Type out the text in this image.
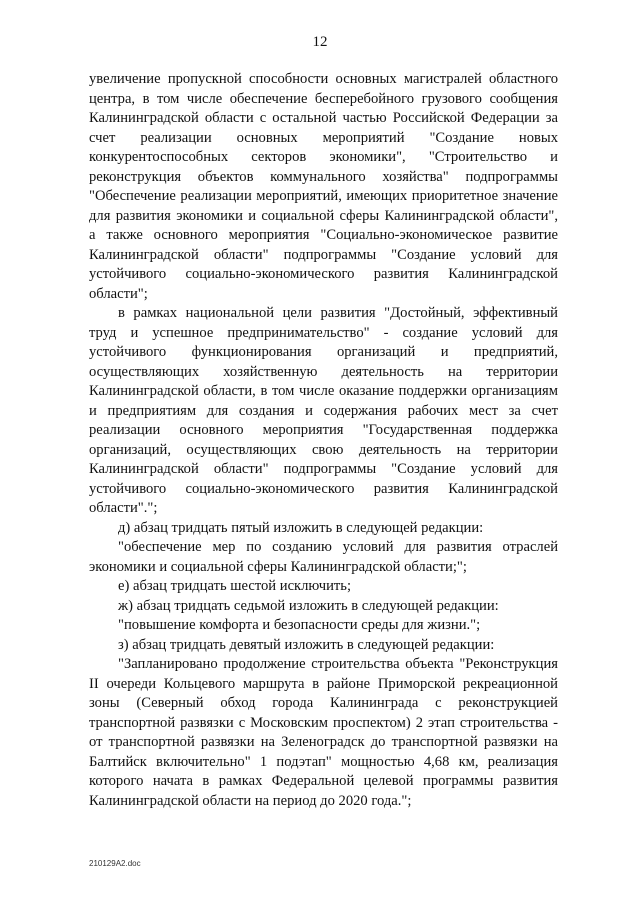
12
увеличение пропускной способности основных магистралей областного
центра, в том числе обеспечение бесперебойного грузового сообщения
Калининградской области с остальной частью Российской Федерации за
счет реализации основных мероприятий "Создание новых
конкурентоспособных секторов экономики", "Строительство и
реконструкция объектов коммунального хозяйства" подпрограммы
"Обеспечение реализации мероприятий, имеющих приоритетное значение
для развития экономики и социальной сферы Калининградской области",
а также основного мероприятия "Социально-экономическое развитие
Калининградской области" подпрограммы "Создание условий для
устойчивого социально-экономического развития Калининградской
области";
в рамках национальной цели развития "Достойный, эффективный
труд и успешное предпринимательство" - создание условий для
устойчивого функционирования организаций и предприятий,
осуществляющих хозяйственную деятельность на территории
Калининградской области, в том числе оказание поддержки организациям
и предприятиям для создания и содержания рабочих мест за счет
реализации основного мероприятия "Государственная поддержка
организаций, осуществляющих свою деятельность на территории
Калининградской области" подпрограммы "Создание условий для
устойчивого социально-экономического развития Калининградской
области".";
д) абзац тридцать пятый изложить в следующей редакции:
"обеспечение мер по созданию условий для развития отраслей
экономики и социальной сферы Калининградской области;";
е) абзац тридцать шестой исключить;
ж) абзац тридцать седьмой изложить в следующей редакции:
"повышение комфорта и безопасности среды для жизни.";
з) абзац тридцать девятый изложить в следующей редакции:
"Запланировано продолжение строительства объекта "Реконструкция
II очереди Кольцевого маршрута в районе Приморской рекреационной
зоны (Северный обход города Калининграда с реконструкцией
транспортной развязки с Московским проспектом) 2 этап строительства -
от транспортной развязки на Зеленоградск до транспортной развязки на
Балтийск включительно" 1 подэтап" мощностью 4,68 км, реализация
которого начата в рамках Федеральной целевой программы развития
Калининградской области на период до 2020 года.";
210129A2.doc
